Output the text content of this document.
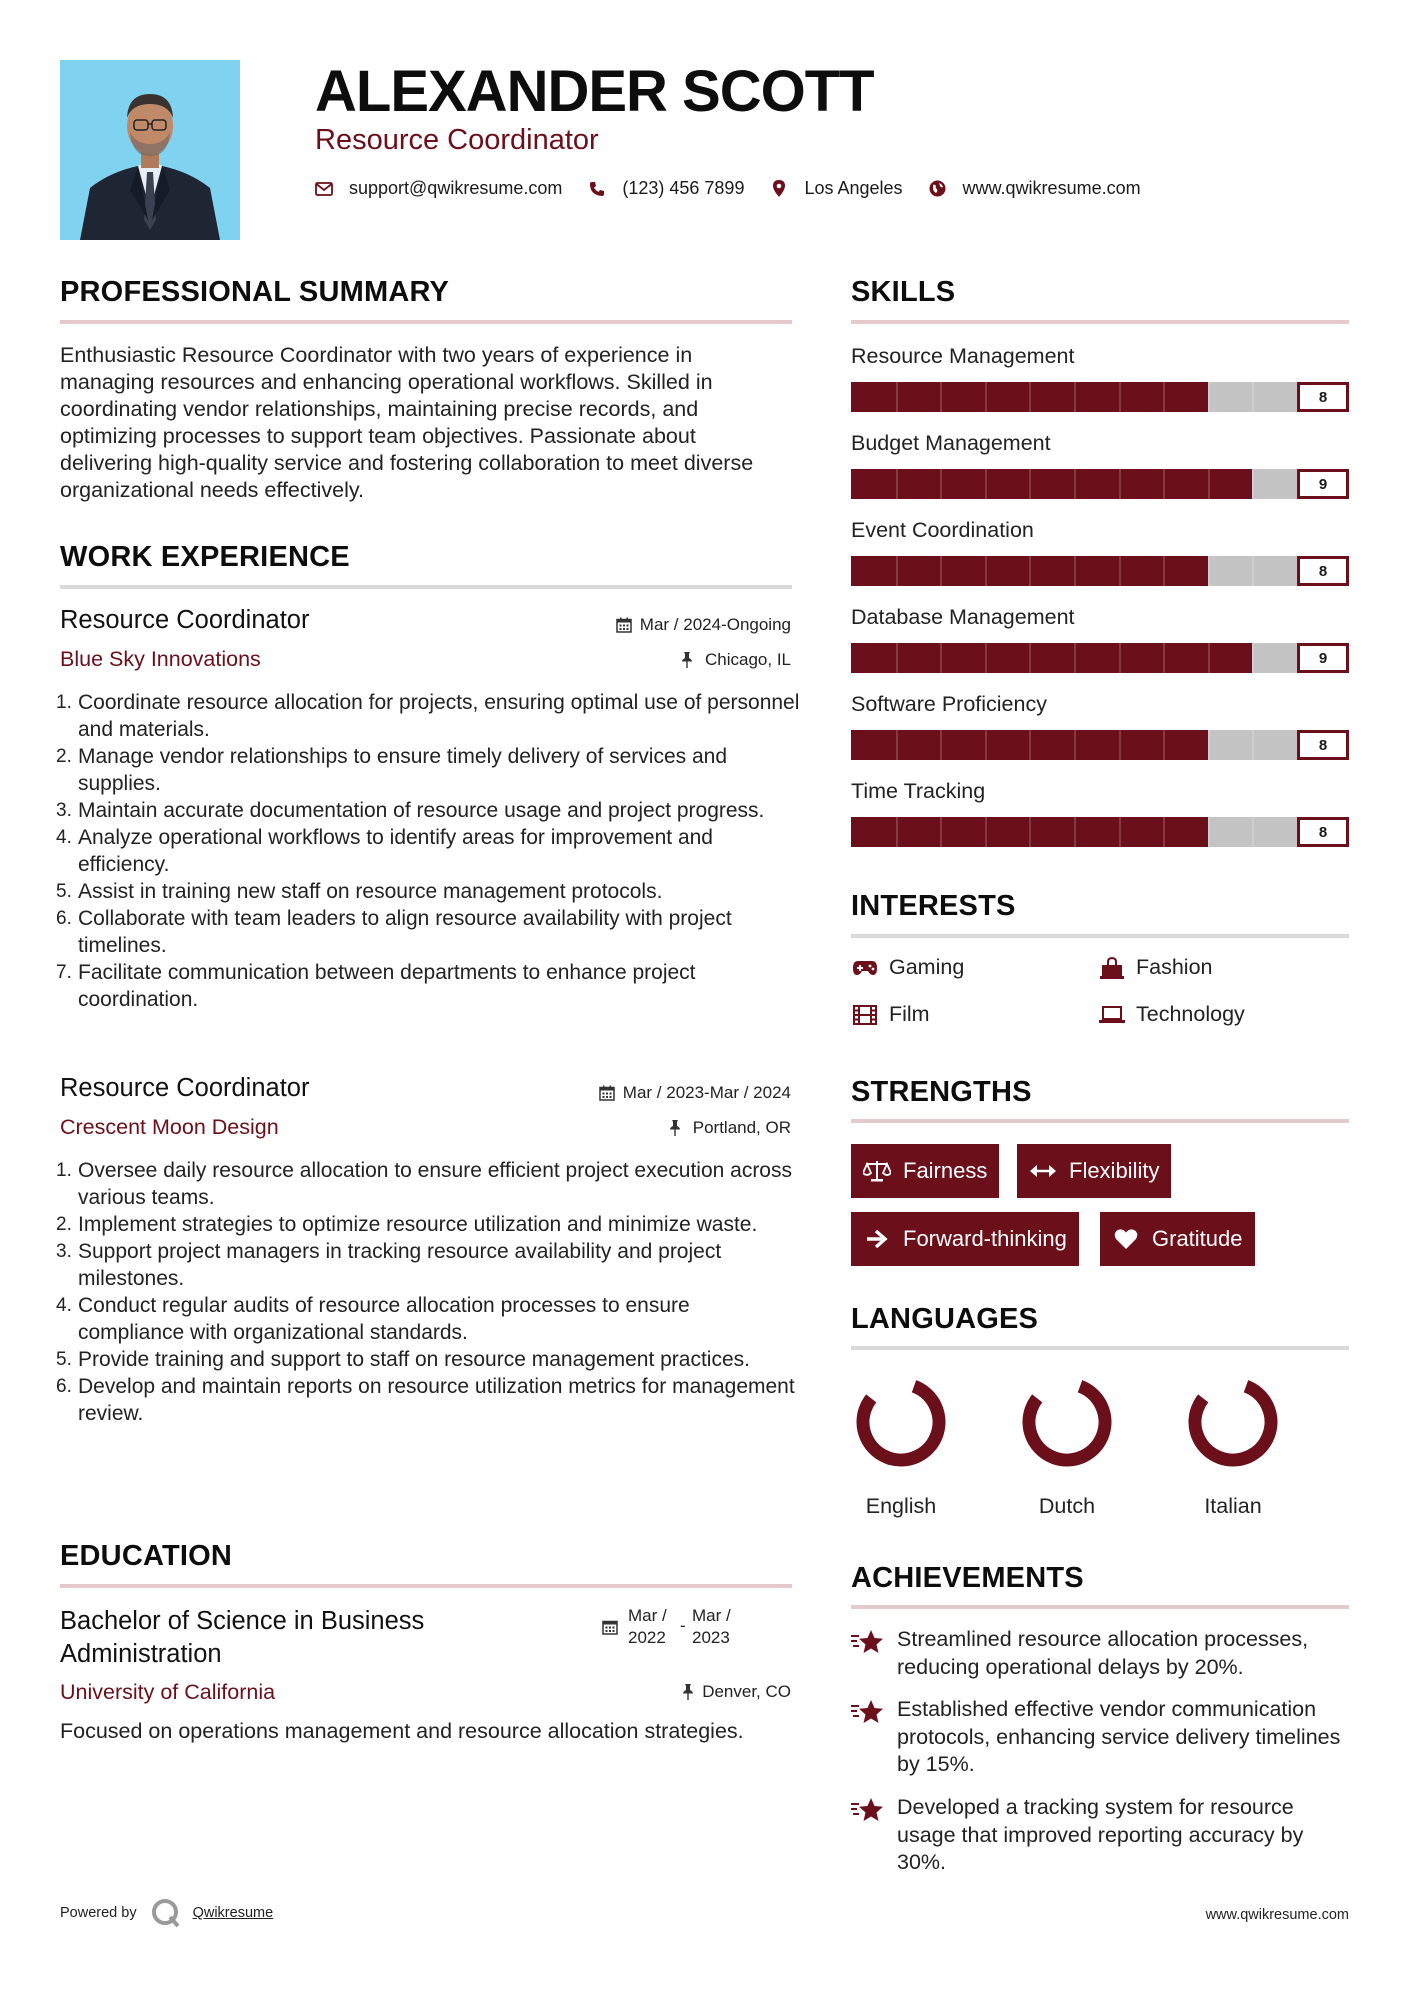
ALEXANDER SCOTT
Resource Coordinator
support@qwikresume.com	(123) 456 7899	Los Angeles	www.qwikresume.com
PROFESSIONAL SUMMARY
Enthusiastic Resource Coordinator with two years of experience in managing resources and enhancing operational workflows. Skilled in coordinating vendor relationships, maintaining precise records, and optimizing processes to support team objectives. Passionate about delivering high-quality service and fostering collaboration to meet diverse organizational needs effectively.
WORK EXPERIENCE
Resource Coordinator	Mar / 2024-Ongoing
Blue Sky Innovations	Chicago, IL
1. Coordinate resource allocation for projects, ensuring optimal use of personnel and materials.
2. Manage vendor relationships to ensure timely delivery of services and supplies.
3. Maintain accurate documentation of resource usage and project progress.
4. Analyze operational workflows to identify areas for improvement and efficiency.
5. Assist in training new staff on resource management protocols.
6. Collaborate with team leaders to align resource availability with project timelines.
7. Facilitate communication between departments to enhance project coordination.
Resource Coordinator	Mar / 2023-Mar / 2024
Crescent Moon Design	Portland, OR
1. Oversee daily resource allocation to ensure efficient project execution across various teams.
2. Implement strategies to optimize resource utilization and minimize waste.
3. Support project managers in tracking resource availability and project milestones.
4. Conduct regular audits of resource allocation processes to ensure compliance with organizational standards.
5. Provide training and support to staff on resource management practices.
6. Develop and maintain reports on resource utilization metrics for management review.
EDUCATION
Bachelor of Science in Business Administration
Mar / 2022
-
Mar / 2023
University of California	Denver, CO
Focused on operations management and resource allocation strategies.
SKILLS
Resource Management
8
Budget Management
9
Event Coordination
8
Database Management
9
Software Proficiency
8
Time Tracking
8
INTERESTS
Gaming	Fashion
Film	Technology
STRENGTHS
Fairness	Flexibility
Forward-thinking	Gratitude
LANGUAGES
English	Dutch	Italian
ACHIEVEMENTS
Streamlined resource allocation processes, reducing operational delays by 20%.
Established effective vendor communication protocols, enhancing service delivery timelines by 15%.
Developed a tracking system for resource usage that improved reporting accuracy by 30%.
Powered by	Qwikresume	www.qwikresume.com
